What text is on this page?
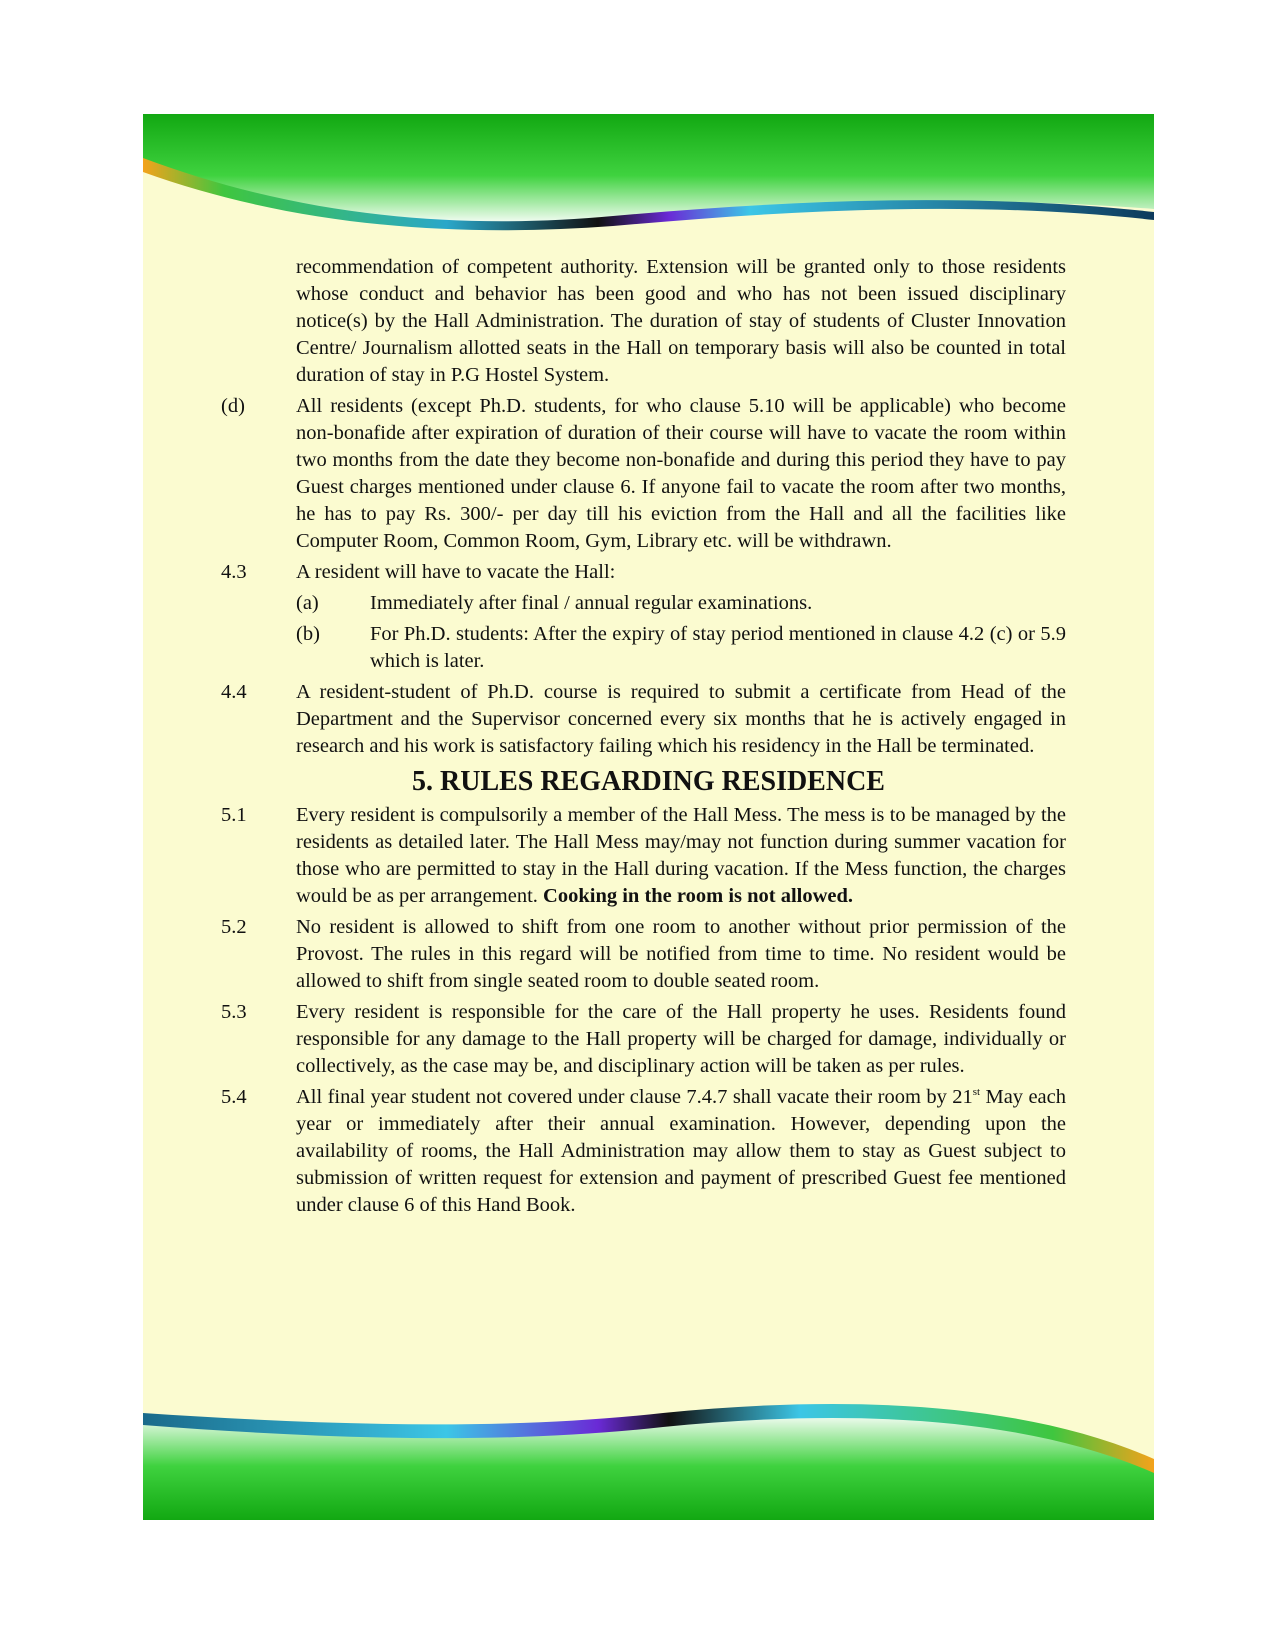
recommendation of competent authority. Extension will be granted only to those residents whose conduct and behavior has been good and who has not been issued disciplinary notice(s) by the Hall Administration. The duration of stay of students of Cluster Innovation Centre/ Journalism allotted seats in the Hall on temporary basis will also be counted in total duration of stay in P.G Hostel System.
(d) All residents (except Ph.D. students, for who clause 5.10 will be applicable) who become non-bonafide after expiration of duration of their course will have to vacate the room within two months from the date they become non-bonafide and during this period they have to pay Guest charges mentioned under clause 6. If anyone fail to vacate the room after two months, he has to pay Rs. 300/- per day till his eviction from the Hall and all the facilities like Computer Room, Common Room, Gym, Library etc. will be withdrawn.
4.3 A resident will have to vacate the Hall:
(a) Immediately after final / annual regular examinations.
(b) For Ph.D. students: After the expiry of stay period mentioned in clause 4.2 (c) or 5.9 which is later.
4.4 A resident-student of Ph.D. course is required to submit a certificate from Head of the Department and the Supervisor concerned every six months that he is actively engaged in research and his work is satisfactory failing which his residency in the Hall be terminated.
5. RULES REGARDING RESIDENCE
5.1 Every resident is compulsorily a member of the Hall Mess. The mess is to be managed by the residents as detailed later. The Hall Mess may/may not function during summer vacation for those who are permitted to stay in the Hall during vacation. If the Mess function, the charges would be as per arrangement. Cooking in the room is not allowed.
5.2 No resident is allowed to shift from one room to another without prior permission of the Provost. The rules in this regard will be notified from time to time. No resident would be allowed to shift from single seated room to double seated room.
5.3 Every resident is responsible for the care of the Hall property he uses. Residents found responsible for any damage to the Hall property will be charged for damage, individually or collectively, as the case may be, and disciplinary action will be taken as per rules.
5.4 All final year student not covered under clause 7.4.7 shall vacate their room by 21st May each year or immediately after their annual examination. However, depending upon the availability of rooms, the Hall Administration may allow them to stay as Guest subject to submission of written request for extension and payment of prescribed Guest fee mentioned under clause 6 of this Hand Book.
